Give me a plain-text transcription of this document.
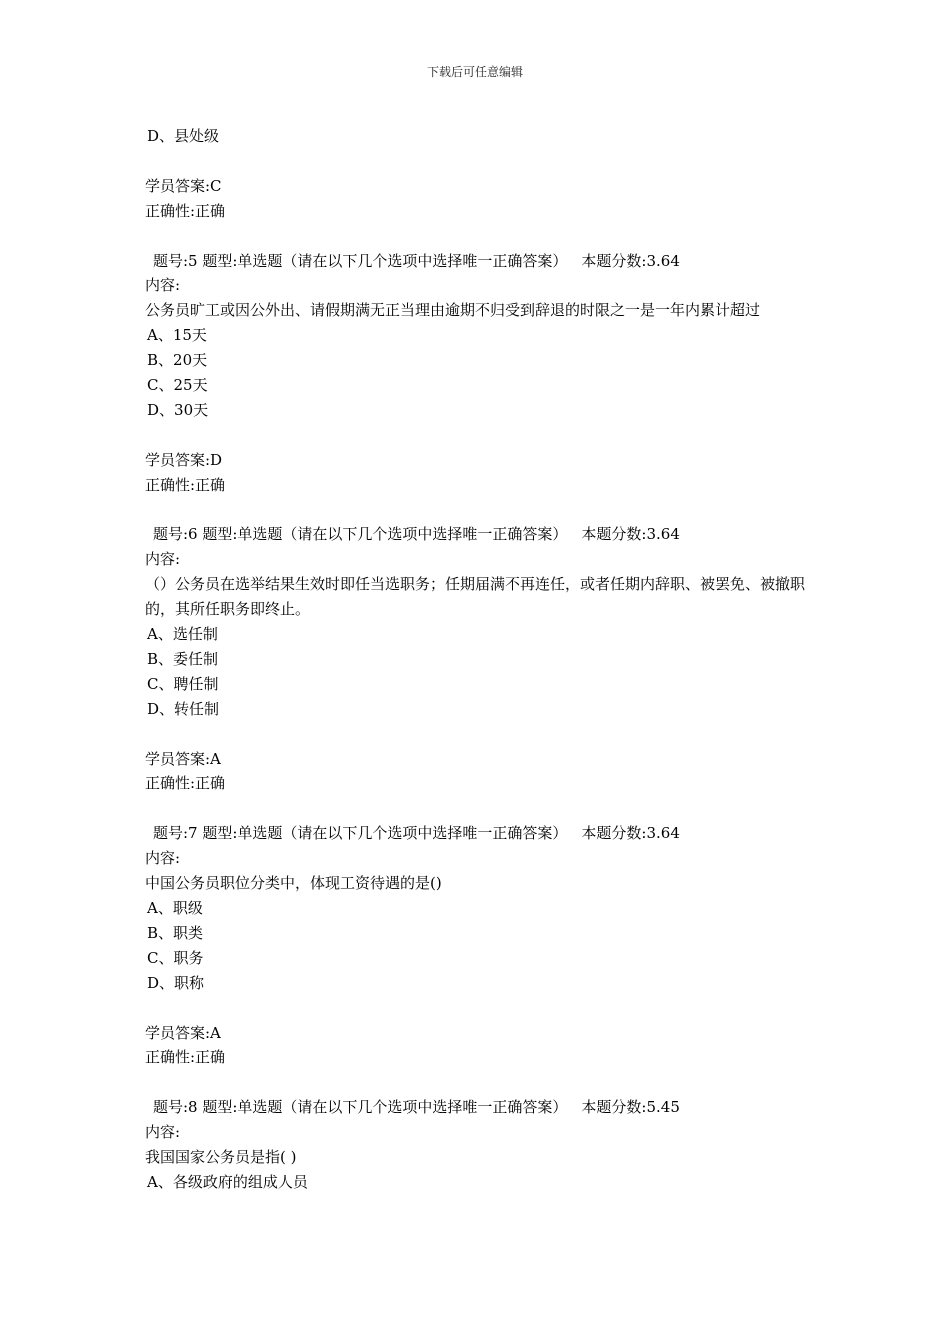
下载后可任意编辑

D、县处级

学员答案:C

正确性:正确

题号:5 题型:单选题（请在以下几个选项中选择唯一正确答案） 本题分数:3.64

内容:

公务员旷工或因公外出、请假期满无正当理由逾期不归受到辞退的时限之一是一年内累计超过

A、15天

B、20天

C、25天

D、30天

学员答案:D

正确性:正确

题号:6 题型:单选题（请在以下几个选项中选择唯一正确答案） 本题分数:3.64

内容:

（）公务员在选举结果生效时即任当选职务；任期届满不再连任，或者任期内辞职、被罢免、被撤职的，其所任职务即终止。

A、选任制

B、委任制

C、聘任制

D、转任制

学员答案:A

正确性:正确

题号:7 题型:单选题（请在以下几个选项中选择唯一正确答案） 本题分数:3.64

内容:

中国公务员职位分类中，体现工资待遇的是()

A、职级

B、职类

C、职务

D、职称

学员答案:A

正确性:正确

题号:8 题型:单选题（请在以下几个选项中选择唯一正确答案） 本题分数:5.45

内容:

我国国家公务员是指( )

A、各级政府的组成人员
